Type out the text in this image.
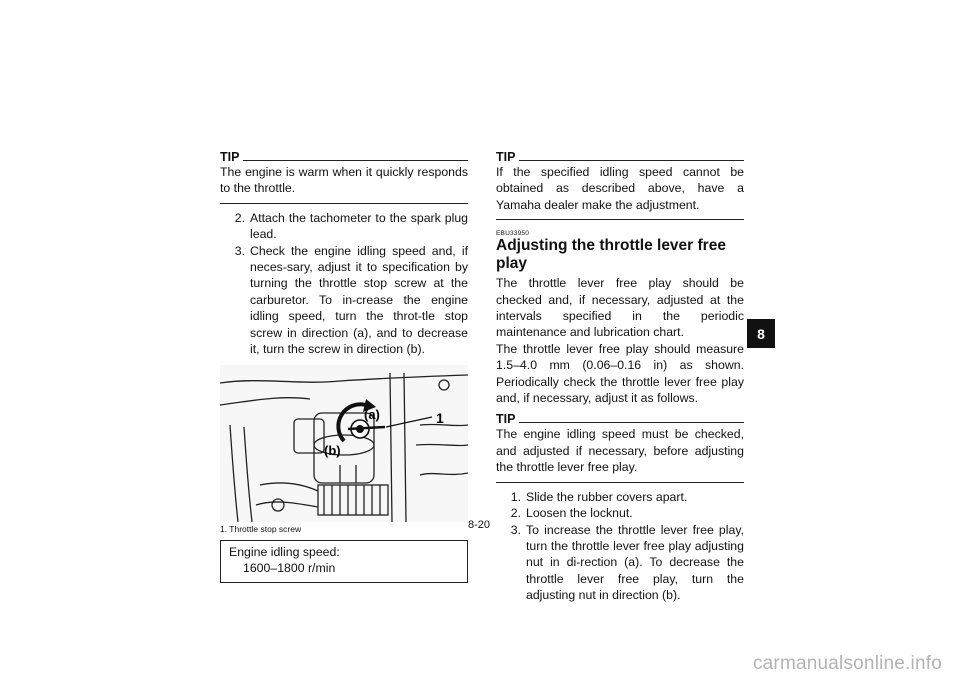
TIP

The engine is warm when it quickly responds to the throttle.

2. Attach the tachometer to the spark plug lead.
3. Check the engine idling speed and, if neces-sary, adjust it to specification by turning the throttle stop screw at the carburetor. To in-crease the engine idling speed, turn the throt-tle stop screw in direction (a), and to decrease it, turn the screw in direction (b).
(a)
(b)
1
1. Throttle stop screw
Engine idling speed:
1600–1800 r/min
TIP

If the specified idling speed cannot be obtained as described above, have a Yamaha dealer make the adjustment.

EBU33950
Adjusting the throttle lever free play

The throttle lever free play should be checked and, if necessary, adjusted at the intervals specified in the periodic maintenance and lubrication chart.

The throttle lever free play should measure 1.5–4.0 mm (0.06–0.16 in) as shown. Periodically check the throttle lever free play and, if necessary, adjust it as follows.

TIP

The engine idling speed must be checked, and adjusted if necessary, before adjusting the throttle lever free play.

1. Slide the rubber covers apart.
2. Loosen the locknut.
3. To increase the throttle lever free play, turn the throttle lever free play adjusting nut in di-rection (a). To decrease the throttle lever free play, turn the adjusting nut in direction (b).
8
8-20
carmanualsonline.info
